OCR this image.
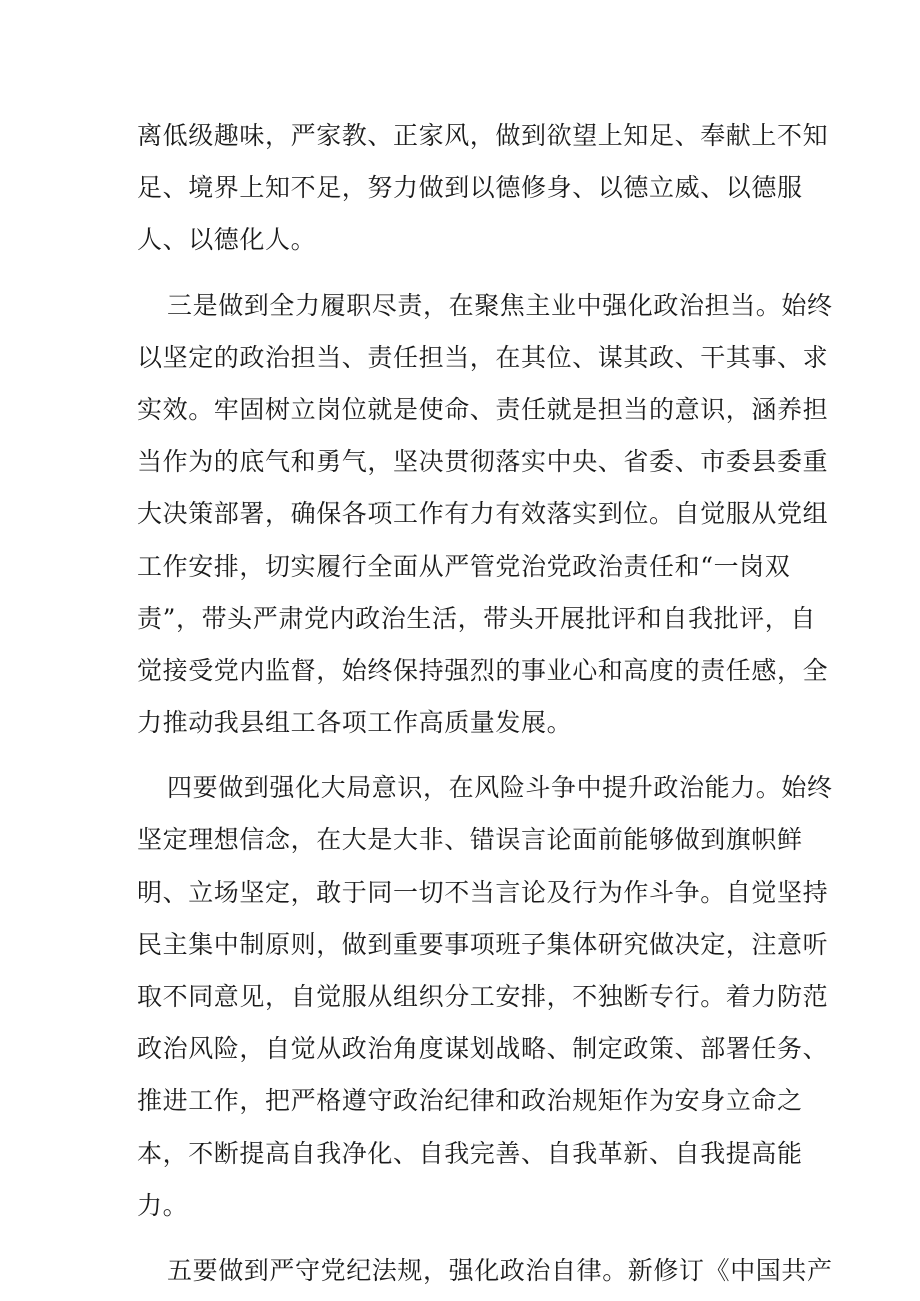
离低级趣味，严家教、正家风，做到欲望上知足、奉献上不知
足、境界上知不足，努力做到以德修身、以德立威、以德服
人、以德化人。
三是做到全力履职尽责，在聚焦主业中强化政治担当。始终
以坚定的政治担当、责任担当，在其位、谋其政、干其事、求
实效。牢固树立岗位就是使命、责任就是担当的意识，涵养担
当作为的底气和勇气，坚决贯彻落实中央、省委、市委县委重
大决策部署，确保各项工作有力有效落实到位。自觉服从党组
工作安排，切实履行全面从严管党治党政治责任和“一岗双
责”，带头严肃党内政治生活，带头开展批评和自我批评，自
觉接受党内监督，始终保持强烈的事业心和高度的责任感，全
力推动我县组工各项工作高质量发展。
四要做到强化大局意识，在风险斗争中提升政治能力。始终
坚定理想信念，在大是大非、错误言论面前能够做到旗帜鲜
明、立场坚定，敢于同一切不当言论及行为作斗争。自觉坚持
民主集中制原则，做到重要事项班子集体研究做决定，注意听
取不同意见，自觉服从组织分工安排，不独断专行。着力防范
政治风险，自觉从政治角度谋划战略、制定政策、部署任务、
推进工作，把严格遵守政治纪律和政治规矩作为安身立命之
本，不断提高自我净化、自我完善、自我革新、自我提高能
力。
五要做到严守党纪法规，强化政治自律。新修订《中国共产
